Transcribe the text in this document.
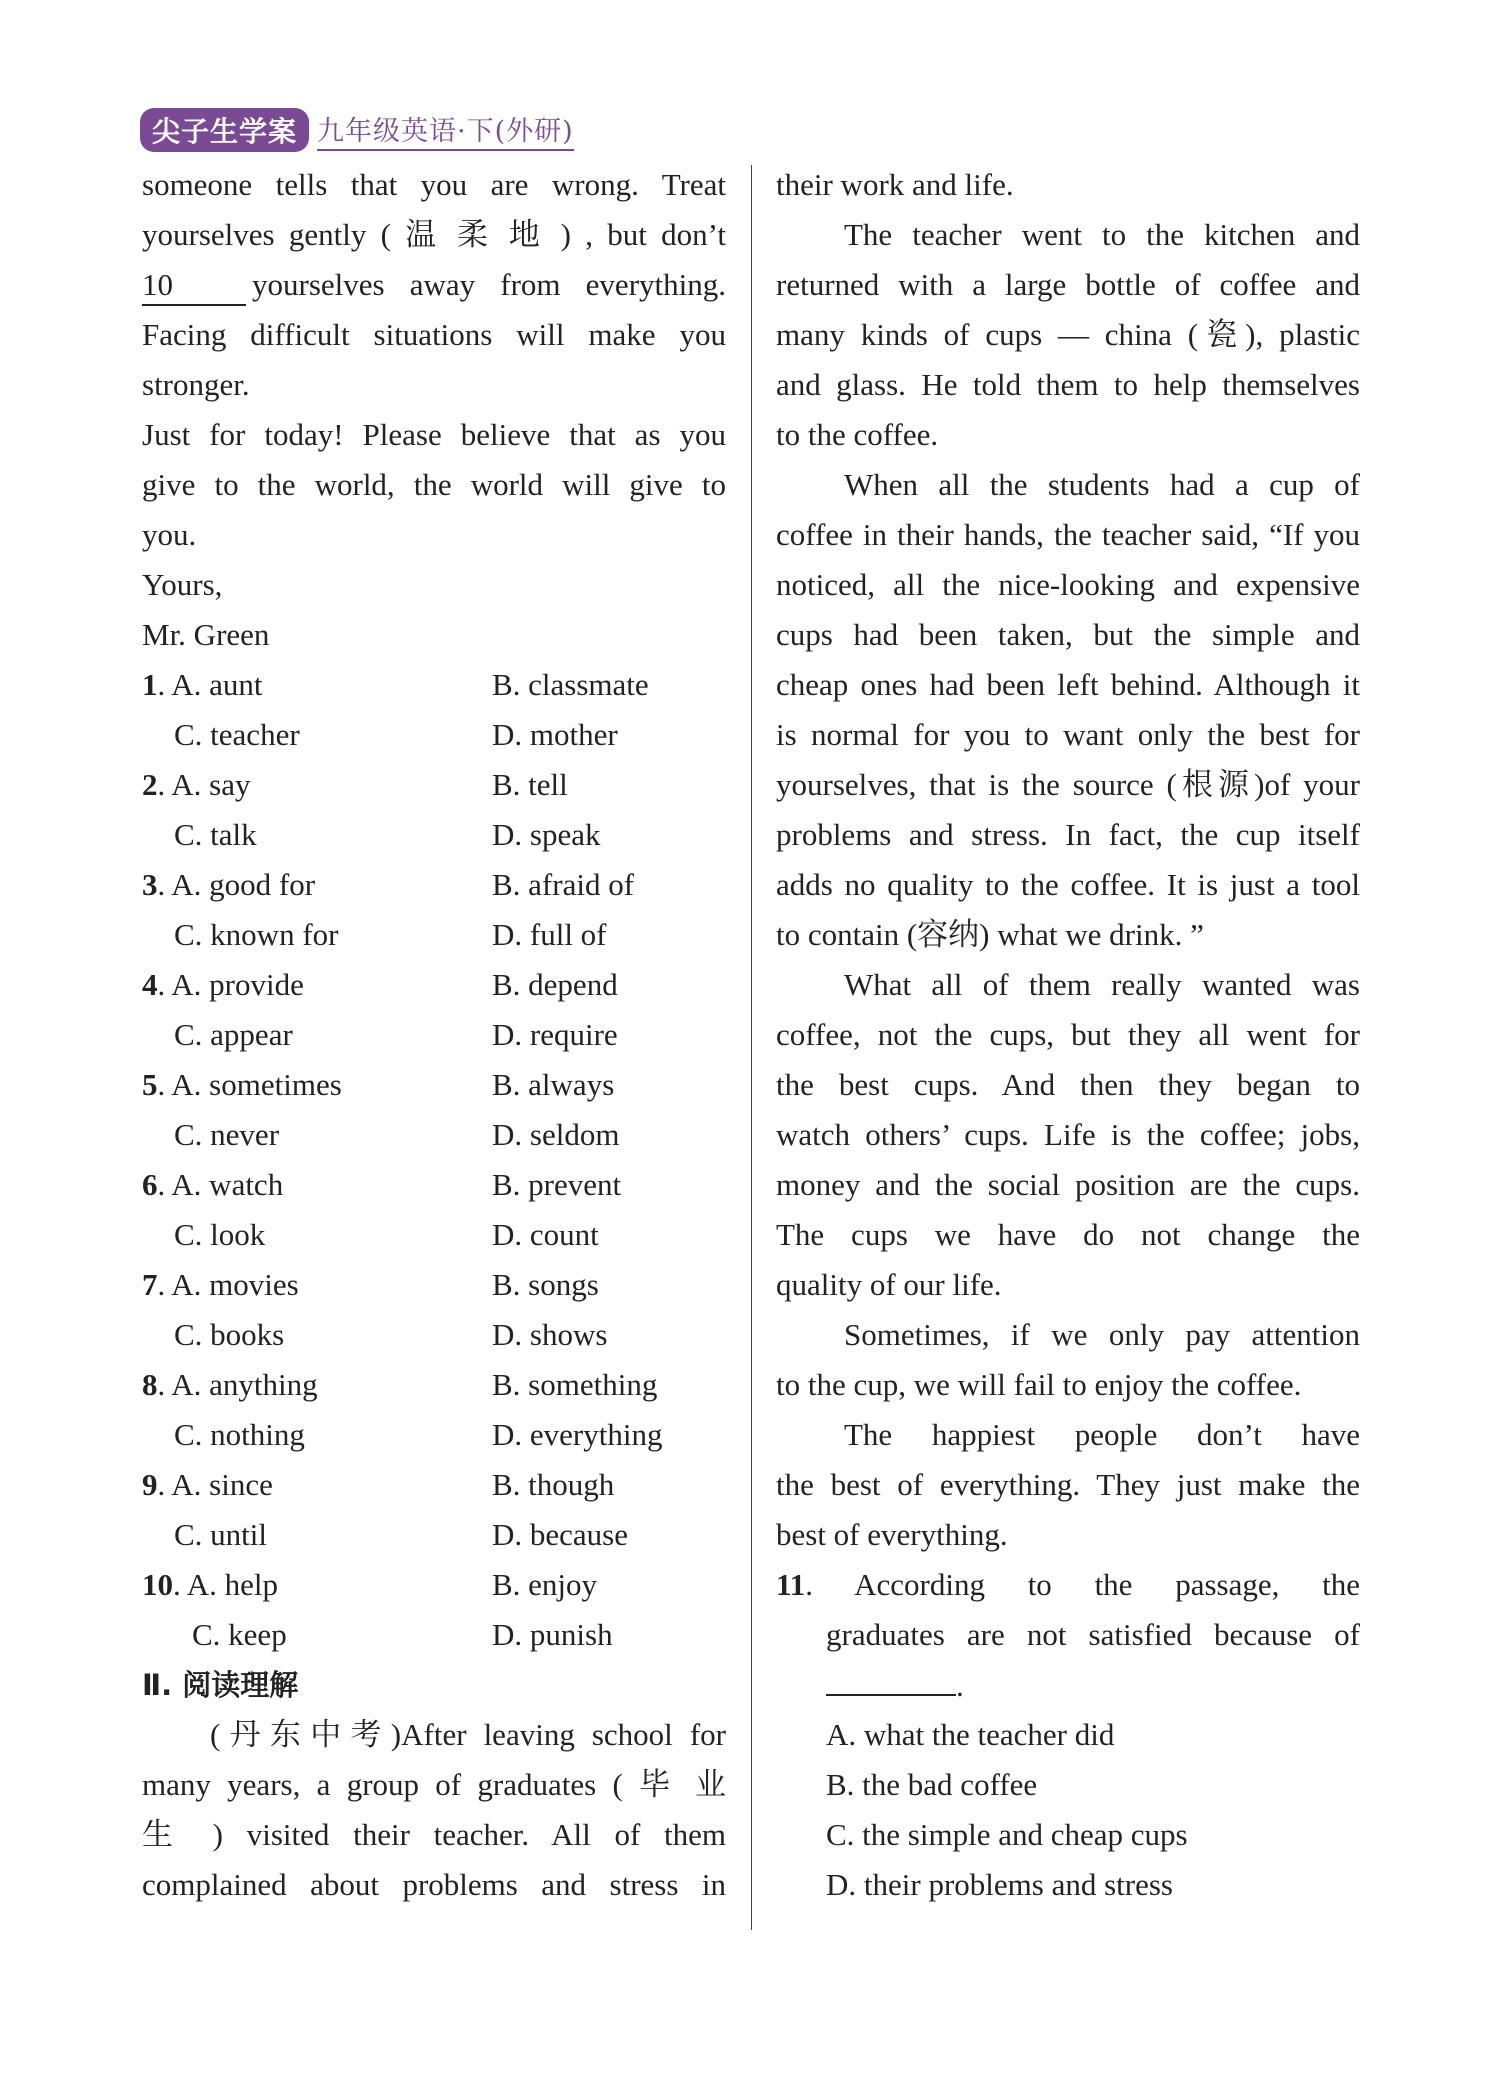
尖子生学案 九年级英语·下(外研)
someone tells that you are wrong. Treat
yourselves gently ( 温 柔 地 ) , but don’t
10	yourselves away from everything.
Facing difficult situations will make you
stronger.
Just for today! Please believe that as you
give to the world, the world will give to
you.
Yours,
Mr. Green
1. A. aunt	B. classmate
C. teacher	D. mother
2. A. say	B. tell
C. talk	D. speak
3. A. good for	B. afraid of
C. known for	D. full of
4. A. provide	B. depend
C. appear	D. require
5. A. sometimes	B. always
C. never	D. seldom
6. A. watch	B. prevent
C. look	D. count
7. A. movies	B. songs
C. books	D. shows
8. A. anything	B. something
C. nothing	D. everything
9. A. since	B. though
C. until	D. because
10. A. help	B. enjoy
C. keep	D. punish
Ⅱ. 阅读理解
(丹东中考)After leaving school for
many years, a group of graduates ( 毕 业
生 ) visited their teacher. All of them
complained about problems and stress in
their work and life.
The teacher went to the kitchen and
returned with a large bottle of coffee and
many kinds of cups — china (瓷), plastic
and glass. He told them to help themselves
to the coffee.
When all the students had a cup of
coffee in their hands, the teacher said, “If you
noticed, all the nice-looking and expensive
cups had been taken, but the simple and
cheap ones had been left behind. Although it
is normal for you to want only the best for
yourselves, that is the source (根源)of your
problems and stress. In fact, the cup itself
adds no quality to the coffee. It is just a tool
to contain (容纳) what we drink. ”
What all of them really wanted was
coffee, not the cups, but they all went for
the best cups. And then they began to
watch others’ cups. Life is the coffee; jobs,
money and the social position are the cups.
The cups we have do not change the
quality of our life.
Sometimes, if we only pay attention
to the cup, we will fail to enjoy the coffee.
The happiest people don’t have
the best of everything. They just make the
best of everything.
11. According to the passage, the
graduates are not satisfied because of
.
A. what the teacher did
B. the bad coffee
C. the simple and cheap cups
D. their problems and stress
